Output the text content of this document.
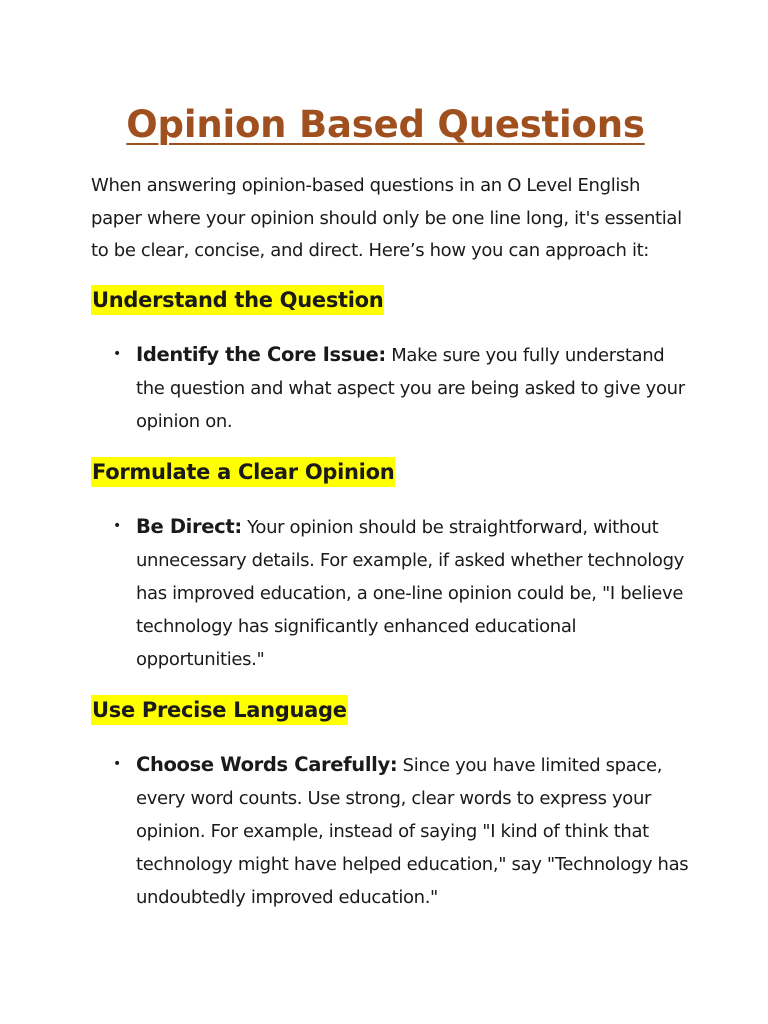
Opinion Based Questions

When answering opinion-based questions in an O Level English paper where your opinion should only be one line long, it's essential to be clear, concise, and direct. Here’s how you can approach it:

Understand the Question
• Identify the Core Issue: Make sure you fully understand the question and what aspect you are being asked to give your opinion on.
Formulate a Clear Opinion
• Be Direct: Your opinion should be straightforward, without unnecessary details. For example, if asked whether technology has improved education, a one-line opinion could be, "I believe technology has significantly enhanced educational opportunities."
Use Precise Language
• Choose Words Carefully: Since you have limited space, every word counts. Use strong, clear words to express your opinion. For example, instead of saying "I kind of think that technology might have helped education," say "Technology has undoubtedly improved education."
